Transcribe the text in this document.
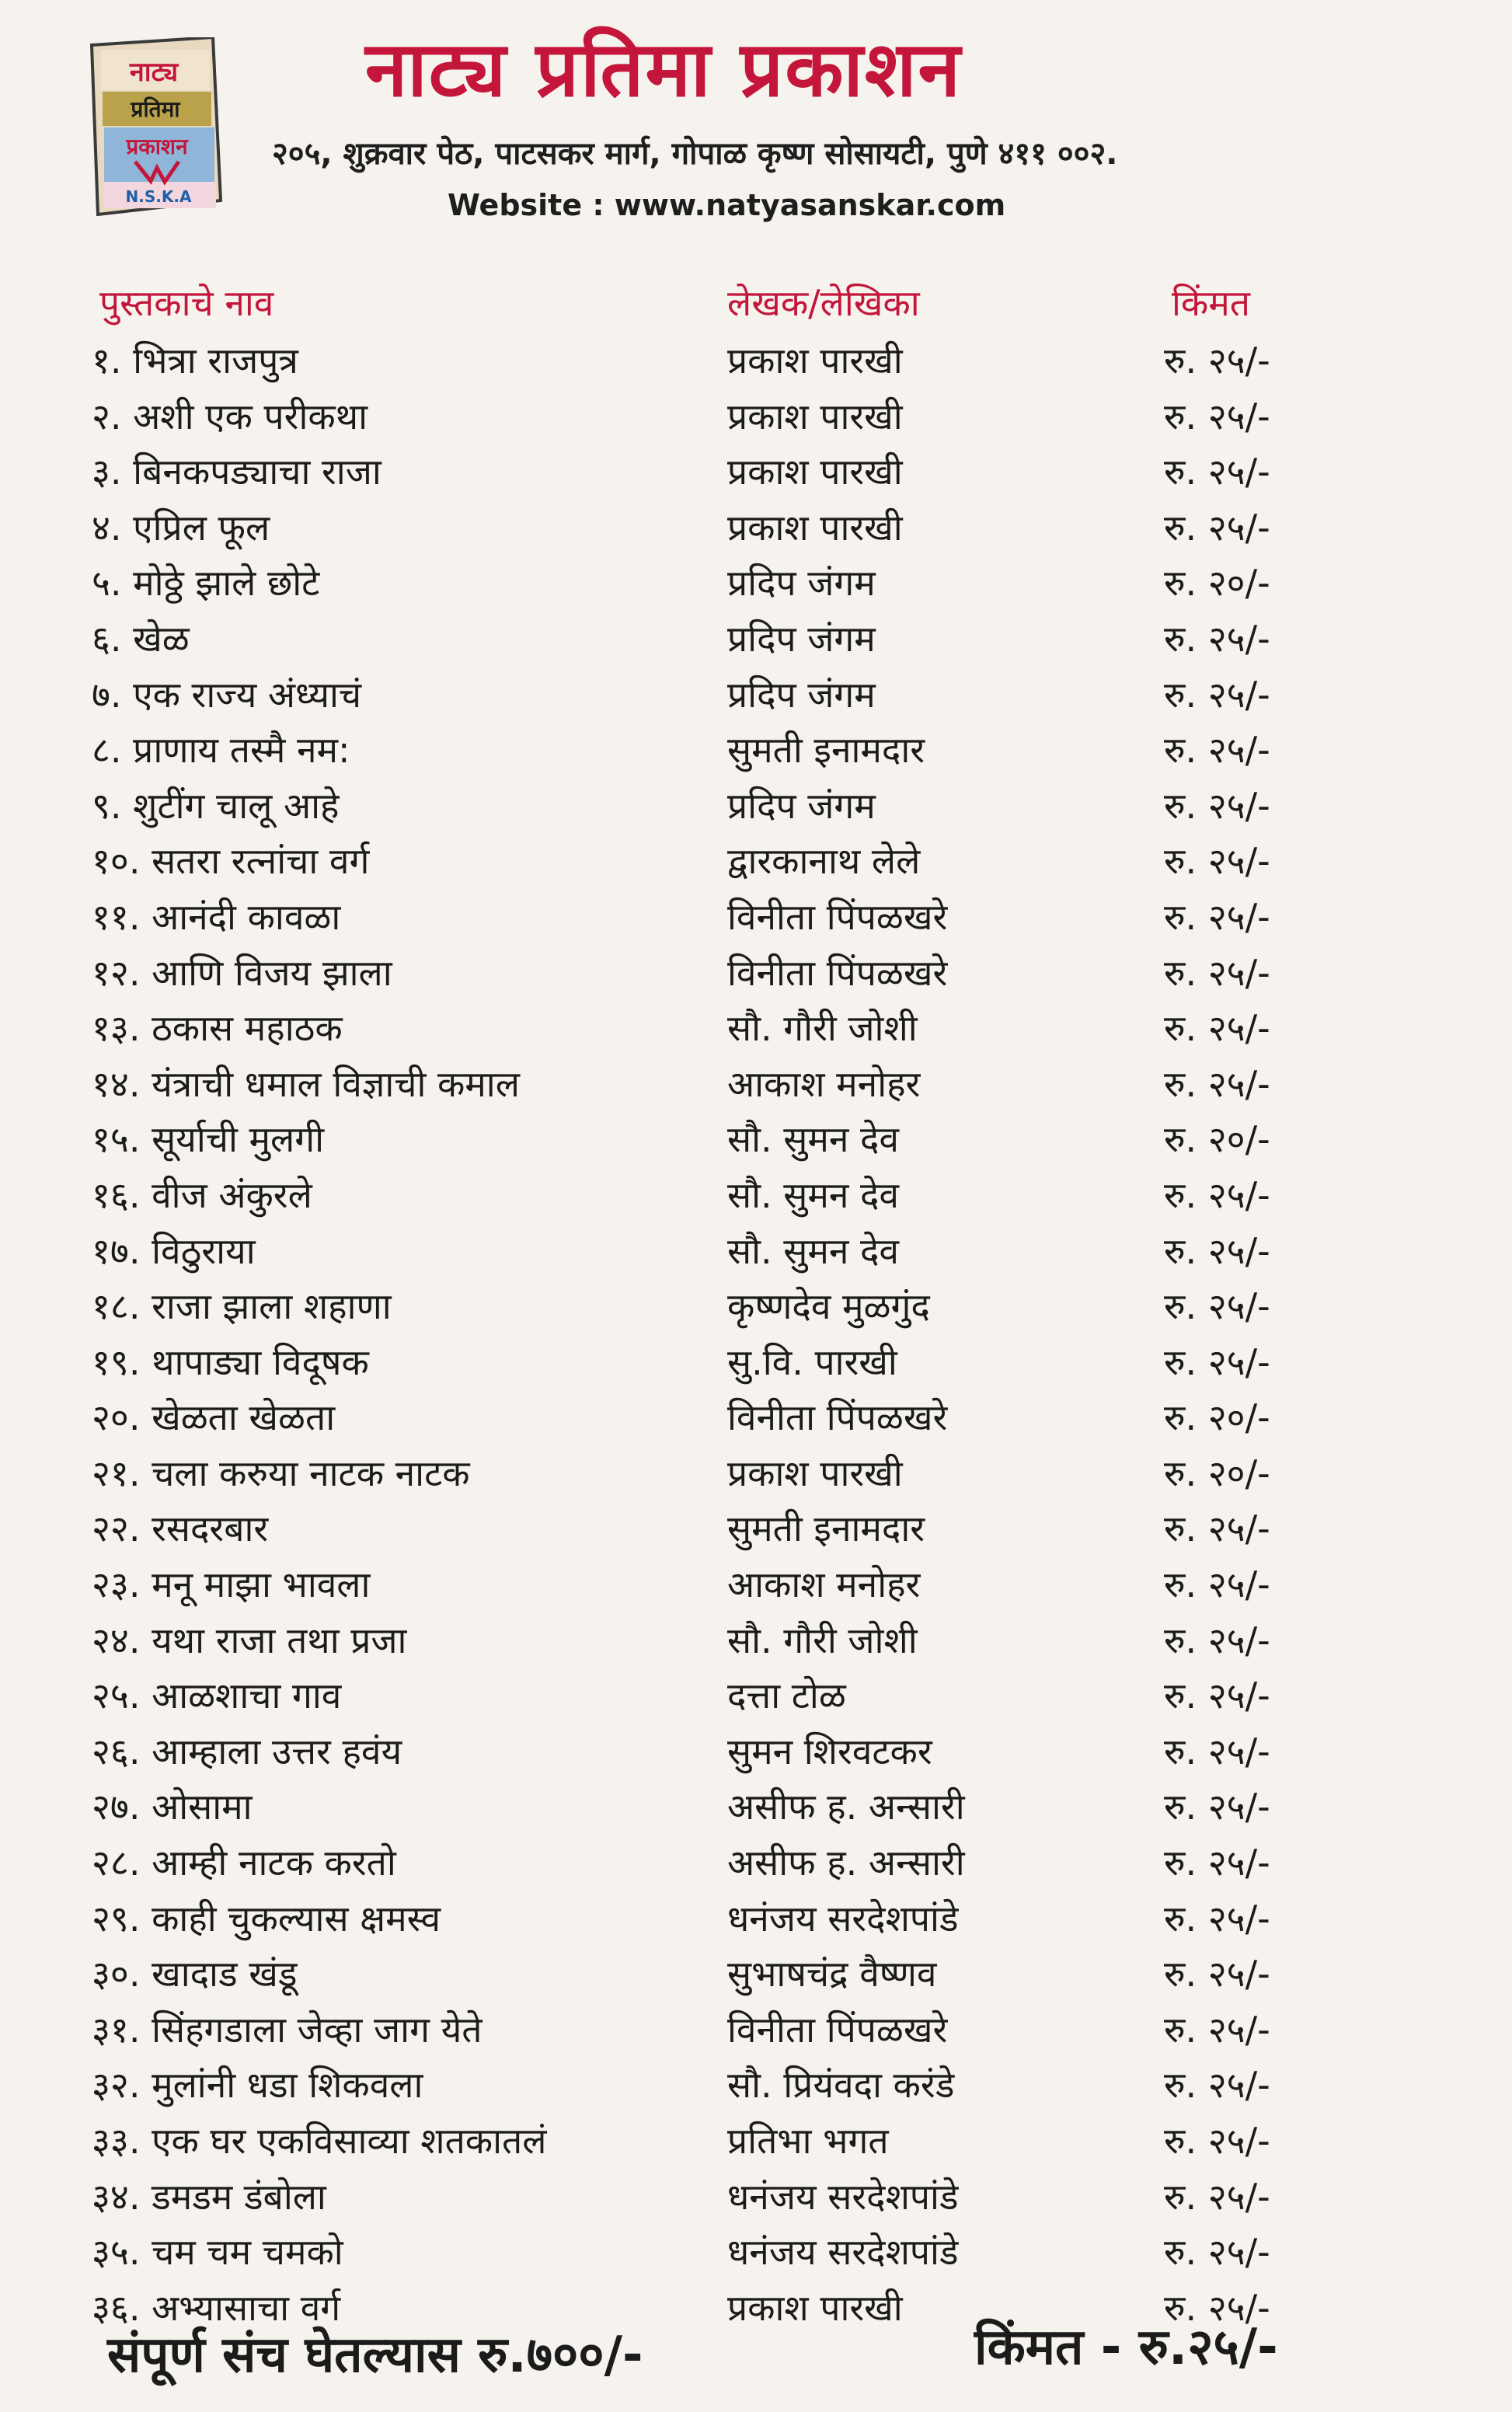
नाट्य
प्रतिमा
प्रकाशन
N.S.K.A
नाट्य प्रतिमा प्रकाशन
२०५, शुक्रवार पेठ, पाटसकर मार्ग, गोपाळ कृष्ण सोसायटी, पुणे ४११ ००२.
Website : www.natyasanskar.com
पुस्तकाचे नाव	लेखक/लेखिका	किंमत
१. भित्रा राजपुत्र	प्रकाश पारखी	रु. २५/-
२. अशी एक परीकथा	प्रकाश पारखी	रु. २५/-
३. बिनकपड्याचा राजा	प्रकाश पारखी	रु. २५/-
४. एप्रिल फूल	प्रकाश पारखी	रु. २५/-
५. मोठ्ठे झाले छोटे	प्रदिप जंगम	रु. २०/-
६. खेळ	प्रदिप जंगम	रु. २५/-
७. एक राज्य अंध्याचं	प्रदिप जंगम	रु. २५/-
८. प्राणाय तस्मै नम:	सुमती इनामदार	रु. २५/-
९. शुटींग चालू आहे	प्रदिप जंगम	रु. २५/-
१०. सतरा रत्नांचा वर्ग	द्वारकानाथ लेले	रु. २५/-
११. आनंदी कावळा	विनीता पिंपळखरे	रु. २५/-
१२. आणि विजय झाला	विनीता पिंपळखरे	रु. २५/-
१३. ठकास महाठक	सौ. गौरी जोशी	रु. २५/-
१४. यंत्राची धमाल विज्ञाची कमाल	आकाश मनोहर	रु. २५/-
१५. सूर्याची मुलगी	सौ. सुमन देव	रु. २०/-
१६. वीज अंकुरले	सौ. सुमन देव	रु. २५/-
१७. विठुराया	सौ. सुमन देव	रु. २५/-
१८. राजा झाला शहाणा	कृष्णदेव मुळगुंद	रु. २५/-
१९. थापाड्या विदूषक	सु.वि. पारखी	रु. २५/-
२०. खेळता खेळता	विनीता पिंपळखरे	रु. २०/-
२१. चला करुया नाटक नाटक	प्रकाश पारखी	रु. २०/-
२२. रसदरबार	सुमती इनामदार	रु. २५/-
२३. मनू माझा भावला	आकाश मनोहर	रु. २५/-
२४. यथा राजा तथा प्रजा	सौ. गौरी जोशी	रु. २५/-
२५. आळशाचा गाव	दत्ता टोळ	रु. २५/-
२६. आम्हाला उत्तर हवंय	सुमन शिरवटकर	रु. २५/-
२७. ओसामा	असीफ ह. अन्सारी	रु. २५/-
२८. आम्ही नाटक करतो	असीफ ह. अन्सारी	रु. २५/-
२९. काही चुकल्यास क्षमस्व	धनंजय सरदेशपांडे	रु. २५/-
३०. खादाड खंडू	सुभाषचंद्र वैष्णव	रु. २५/-
३१. सिंहगडाला जेव्हा जाग येते	विनीता पिंपळखरे	रु. २५/-
३२. मुलांनी धडा शिकवला	सौ. प्रियंवदा करंडे	रु. २५/-
३३. एक घर एकविसाव्या शतकातलं	प्रतिभा भगत	रु. २५/-
३४. डमडम डंबोला	धनंजय सरदेशपांडे	रु. २५/-
३५. चम चम चमको	धनंजय सरदेशपांडे	रु. २५/-
३६. अभ्यासाचा वर्ग	प्रकाश पारखी	रु. २५/-
संपूर्ण संच घेतल्यास रु.७००/-	किंमत - रु.२५/-
